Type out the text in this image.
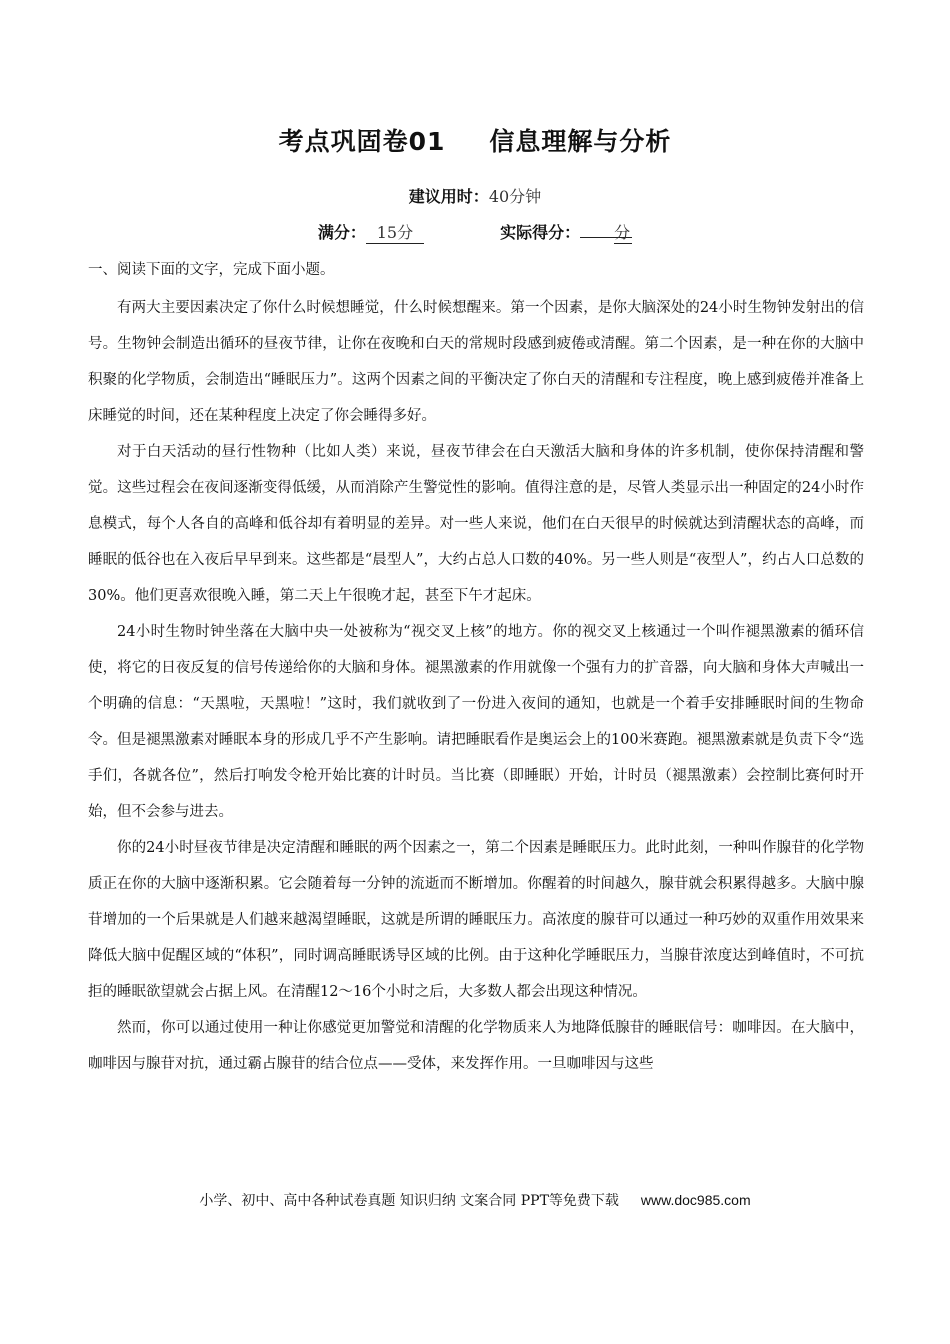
考点巩固卷01 信息理解与分析
建议用时：40分钟
满分： 15分	实际得分： 分
一、阅读下面的文字，完成下面小题。

有两大主要因素决定了你什么时候想睡觉，什么时候想醒来。第一个因素，是你大脑深处的24小时生物钟发射出的信号。生物钟会制造出循环的昼夜节律，让你在夜晚和白天的常规时段感到疲倦或清醒。第二个因素，是一种在你的大脑中积聚的化学物质，会制造出“睡眠压力”。这两个因素之间的平衡决定了你白天的清醒和专注程度，晚上感到疲倦并准备上床睡觉的时间，还在某种程度上决定了你会睡得多好。

对于白天活动的昼行性物种（比如人类）来说，昼夜节律会在白天激活大脑和身体的许多机制，使你保持清醒和警觉。这些过程会在夜间逐渐变得低缓，从而消除产生警觉性的影响。值得注意的是，尽管人类显示出一种固定的24小时作息模式，每个人各自的高峰和低谷却有着明显的差异。对一些人来说，他们在白天很早的时候就达到清醒状态的高峰，而睡眠的低谷也在入夜后早早到来。这些都是“晨型人”，大约占总人口数的40%。另一些人则是“夜型人”，约占人口总数的30%。他们更喜欢很晚入睡，第二天上午很晚才起，甚至下午才起床。

24小时生物时钟坐落在大脑中央一处被称为“视交叉上核”的地方。你的视交叉上核通过一个叫作褪黑激素的循环信使，将它的日夜反复的信号传递给你的大脑和身体。褪黑激素的作用就像一个强有力的扩音器，向大脑和身体大声喊出一个明确的信息：“天黑啦，天黑啦！”这时，我们就收到了一份进入夜间的通知，也就是一个着手安排睡眠时间的生物命令。但是褪黑激素对睡眠本身的形成几乎不产生影响。请把睡眠看作是奥运会上的100米赛跑。褪黑激素就是负责下令“选手们，各就各位”，然后打响发令枪开始比赛的计时员。当比赛（即睡眠）开始，计时员（褪黑激素）会控制比赛何时开始，但不会参与进去。

你的24小时昼夜节律是决定清醒和睡眠的两个因素之一，第二个因素是睡眠压力。此时此刻，一种叫作腺苷的化学物质正在你的大脑中逐渐积累。它会随着每一分钟的流逝而不断增加。你醒着的时间越久，腺苷就会积累得越多。大脑中腺苷增加的一个后果就是人们越来越渴望睡眠，这就是所谓的睡眠压力。高浓度的腺苷可以通过一种巧妙的双重作用效果来降低大脑中促醒区域的“体积”，同时调高睡眠诱导区域的比例。由于这种化学睡眠压力，当腺苷浓度达到峰值时，不可抗拒的睡眠欲望就会占据上风。在清醒12～16个小时之后，大多数人都会出现这种情况。

然而，你可以通过使用一种让你感觉更加警觉和清醒的化学物质来人为地降低腺苷的睡眠信号：咖啡因。在大脑中，咖啡因与腺苷对抗，通过霸占腺苷的结合位点——受体，来发挥作用。一旦咖啡因与这些

小学、初中、高中各种试卷真题 知识归纳 文案合同 PPT等免费下载 www.doc985.com
